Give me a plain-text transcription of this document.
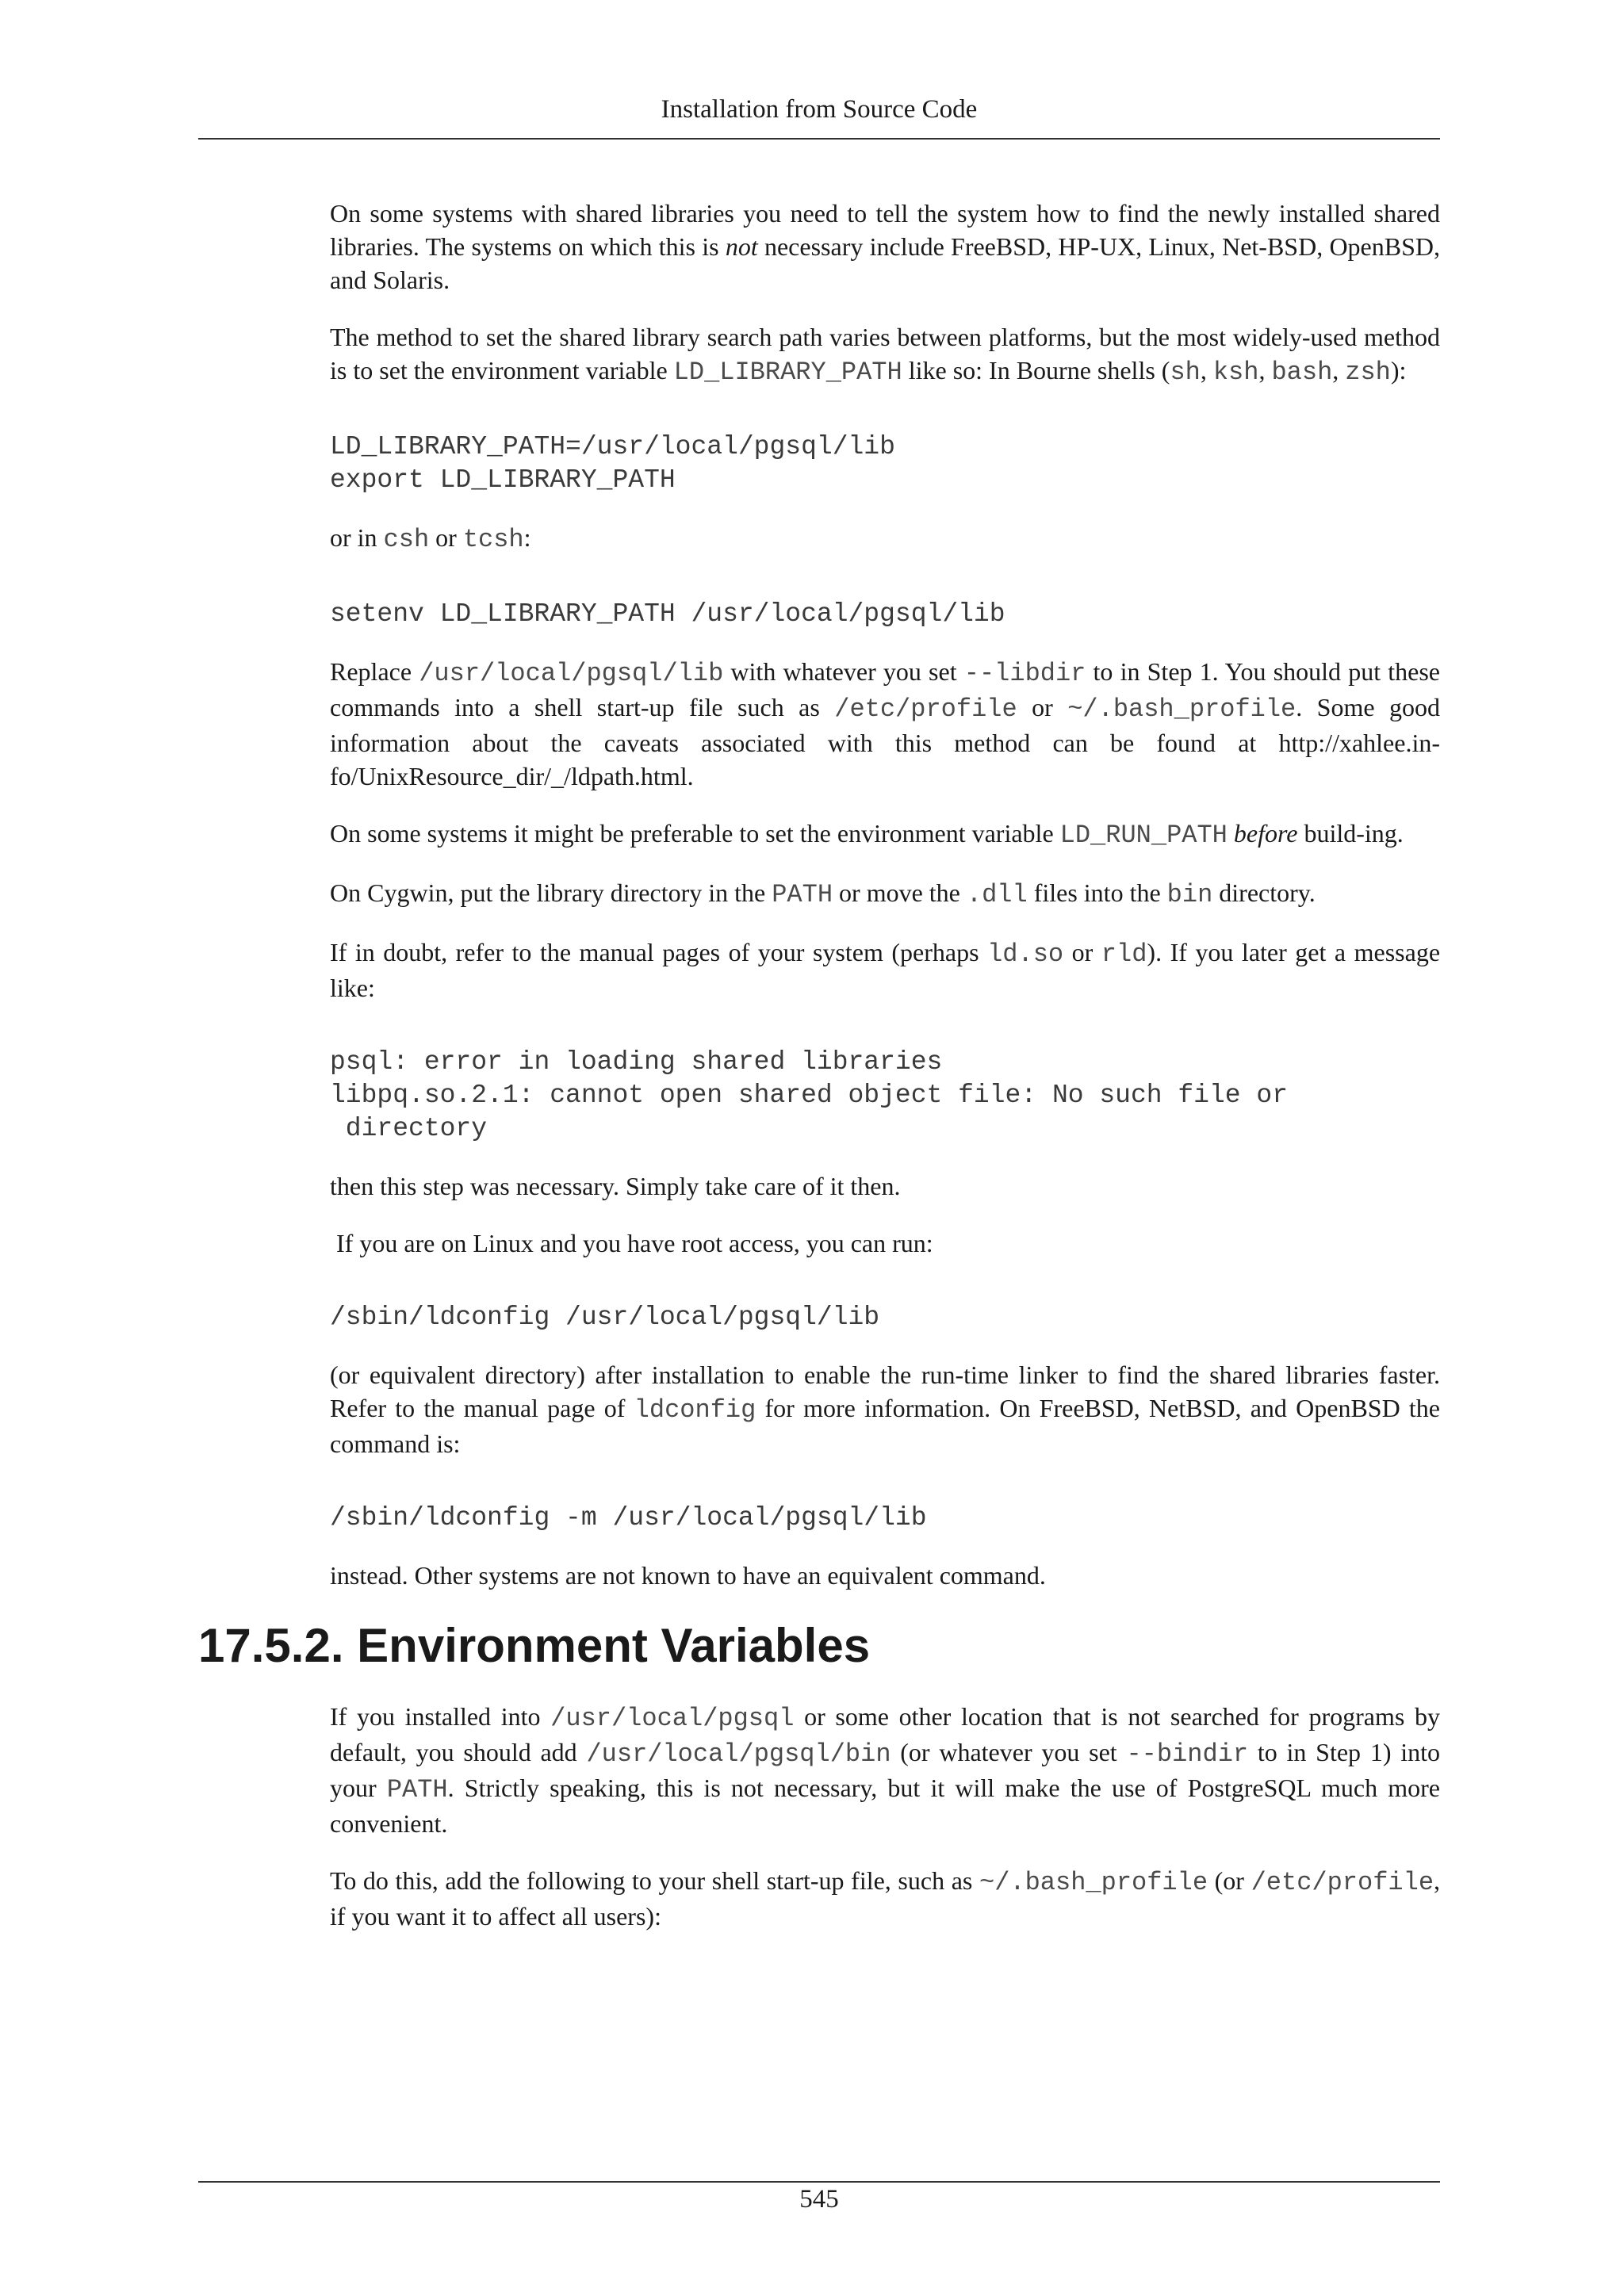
Installation from Source Code

On some systems with shared libraries you need to tell the system how to find the newly installed shared libraries. The systems on which this is not necessary include FreeBSD, HP-UX, Linux, Net-BSD, OpenBSD, and Solaris.

The method to set the shared library search path varies between platforms, but the most widely-used method is to set the environment variable LD_LIBRARY_PATH like so: In Bourne shells (sh, ksh, bash, zsh):

LD_LIBRARY_PATH=/usr/local/pgsql/lib
export LD_LIBRARY_PATH

or in csh or tcsh:

setenv LD_LIBRARY_PATH /usr/local/pgsql/lib

Replace /usr/local/pgsql/lib with whatever you set --libdir to in Step 1. You should put these commands into a shell start-up file such as /etc/profile or ~/.bash_profile. Some good information about the caveats associated with this method can be found at http://xahlee.in-fo/UnixResource_dir/_/ldpath.html.

On some systems it might be preferable to set the environment variable LD_RUN_PATH before build-ing.

On Cygwin, put the library directory in the PATH or move the .dll files into the bin directory.

If in doubt, refer to the manual pages of your system (perhaps ld.so or rld). If you later get a message like:

psql: error in loading shared libraries
libpq.so.2.1: cannot open shared object file: No such file or
directory

then this step was necessary. Simply take care of it then.

If you are on Linux and you have root access, you can run:

/sbin/ldconfig /usr/local/pgsql/lib

(or equivalent directory) after installation to enable the run-time linker to find the shared libraries faster. Refer to the manual page of ldconfig for more information. On FreeBSD, NetBSD, and OpenBSD the command is:

/sbin/ldconfig -m /usr/local/pgsql/lib

instead. Other systems are not known to have an equivalent command.

17.5.2. Environment Variables

If you installed into /usr/local/pgsql or some other location that is not searched for programs by default, you should add /usr/local/pgsql/bin (or whatever you set --bindir to in Step 1) into your PATH. Strictly speaking, this is not necessary, but it will make the use of PostgreSQL much more convenient.

To do this, add the following to your shell start-up file, such as ~/.bash_profile (or /etc/profile, if you want it to affect all users):

545
